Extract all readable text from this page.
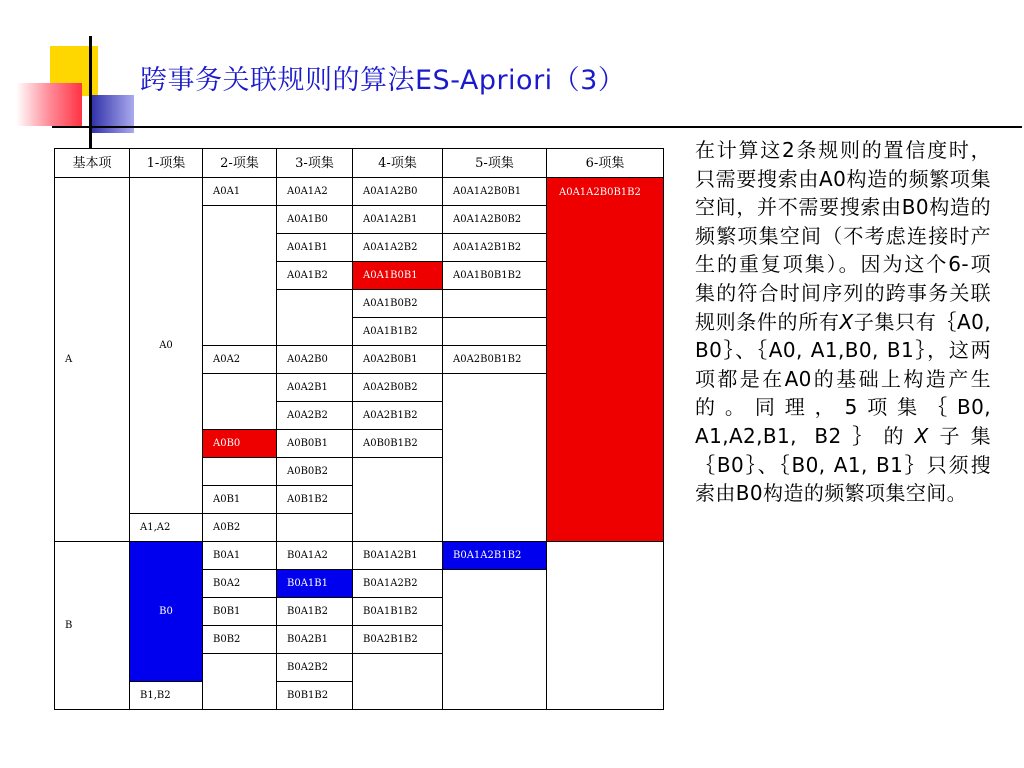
跨事务关联规则的算法ES-Apriori（3）
基本项	1-项集	2-项集	3-项集	4-项集	5-项集	6-项集
A	A0	A0A1	A0A1A2	A0A1A2B0	A0A1A2B0B1	A0A1A2B0B1B2
			A0A1B0	A0A1A2B1	A0A1A2B0B2	
			A0A1B1	A0A1A2B2	A0A1A2B1B2	
			A0A1B2	A0A1B0B1	A0A1B0B1B2	
				A0A1B0B2		
				A0A1B1B2		
		A0A2	A0A2B0	A0A2B0B1	A0A2B0B1B2	
			A0A2B1	A0A2B0B2		
			A0A2B2	A0A2B1B2		
		A0B0	A0B0B1	A0B0B1B2		
			A0B0B2			
		A0B1	A0B1B2			
	A1,A2	A0B2				
B	B0	B0A1	B0A1A2	B0A1A2B1	B0A1A2B1B2	
		B0A2	B0A1B1	B0A1A2B2		
		B0B1	B0A1B2	B0A1B1B2		
		B0B2	B0A2B1	B0A2B1B2		
			B0A2B2			
	B1,B2		B0B1B2			

在计算这2条规则的置信度时，只需要搜索由A0构造的频繁项集空间，并不需要搜索由B0构造的频繁项集空间（不考虑连接时产生的重复项集）。因为这个6-项集的符合时间序列的跨事务关联规则条件的所有X子集只有｛A0, B0｝、｛A0, A1,B0, B1｝，这两项都是在A0的基础上构造产生的。同理，5项集｛B0, A1,A2,B1, B2｝的X子集｛B0｝、｛B0, A1, B1｝只须搜索由B0构造的频繁项集空间。
